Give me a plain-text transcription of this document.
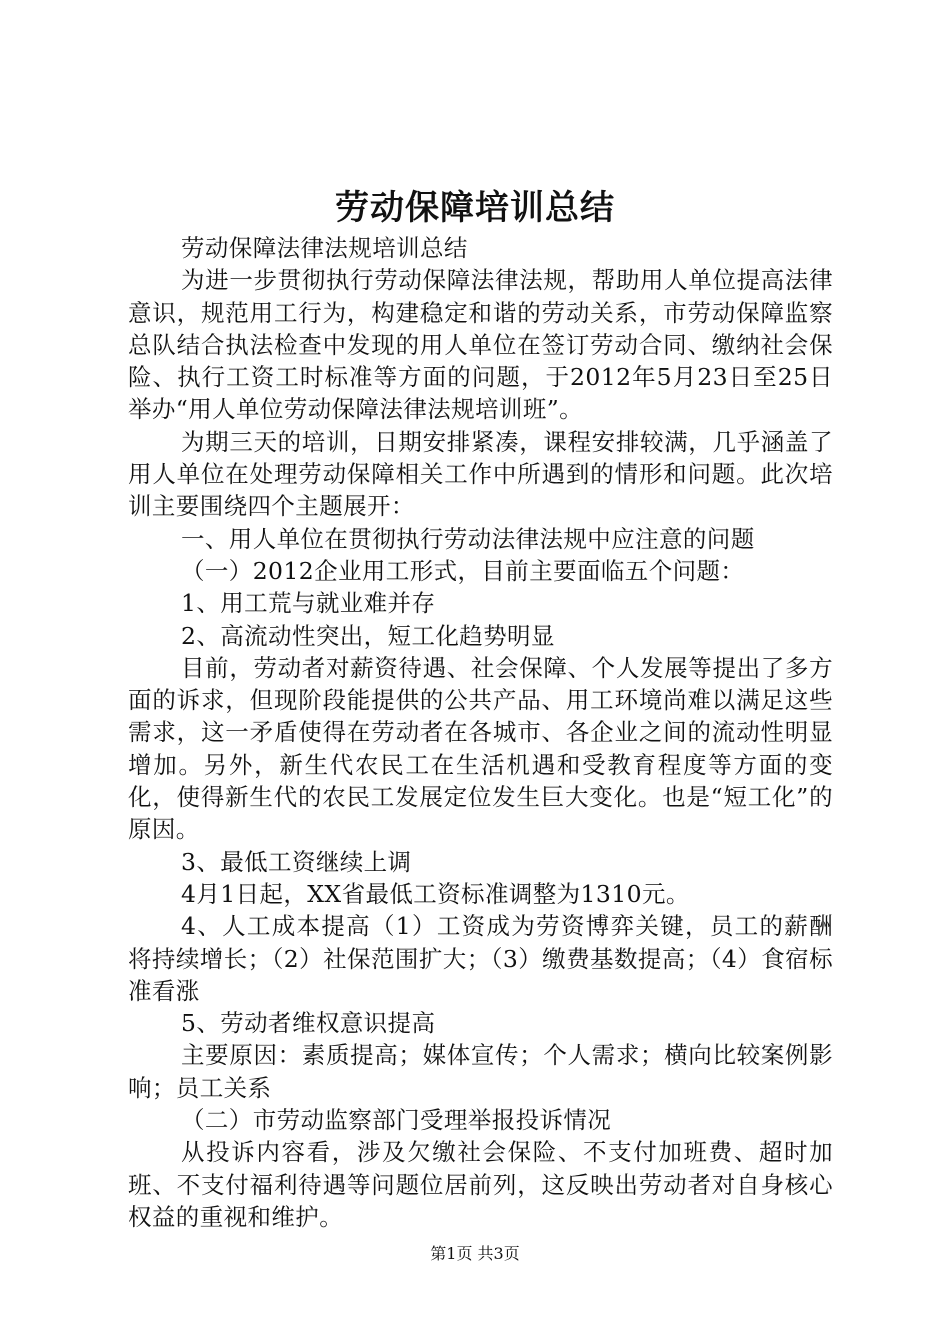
劳动保障培训总结

劳动保障法律法规培训总结

为进一步贯彻执行劳动保障法律法规，帮助用人单位提高法律意识，规范用工行为，构建稳定和谐的劳动关系，市劳动保障监察总队结合执法检查中发现的用人单位在签订劳动合同、缴纳社会保险、执行工资工时标准等方面的问题，于2012年5月23日至25日举办“用人单位劳动保障法律法规培训班”。

为期三天的培训，日期安排紧凑，课程安排较满，几乎涵盖了用人单位在处理劳动保障相关工作中所遇到的情形和问题。此次培训主要围绕四个主题展开：

一、用人单位在贯彻执行劳动法律法规中应注意的问题

（一）2012企业用工形式，目前主要面临五个问题：

1、用工荒与就业难并存

2、高流动性突出，短工化趋势明显

目前，劳动者对薪资待遇、社会保障、个人发展等提出了多方面的诉求，但现阶段能提供的公共产品、用工环境尚难以满足这些需求，这一矛盾使得在劳动者在各城市、各企业之间的流动性明显增加。另外，新生代农民工在生活机遇和受教育程度等方面的变化，使得新生代的农民工发展定位发生巨大变化。也是“短工化”的原因。

3、最低工资继续上调

4月1日起，XX省最低工资标准调整为1310元。

4、人工成本提高（1）工资成为劳资博弈关键，员工的薪酬将持续增长；（2）社保范围扩大；（3）缴费基数提高；（4）食宿标准看涨

5、劳动者维权意识提高

主要原因：素质提高；媒体宣传；个人需求；横向比较案例影响；员工关系

（二）市劳动监察部门受理举报投诉情况

从投诉内容看，涉及欠缴社会保险、不支付加班费、超时加班、不支付福利待遇等问题位居前列，这反映出劳动者对自身核心权益的重视和维护。

第1页 共3页
